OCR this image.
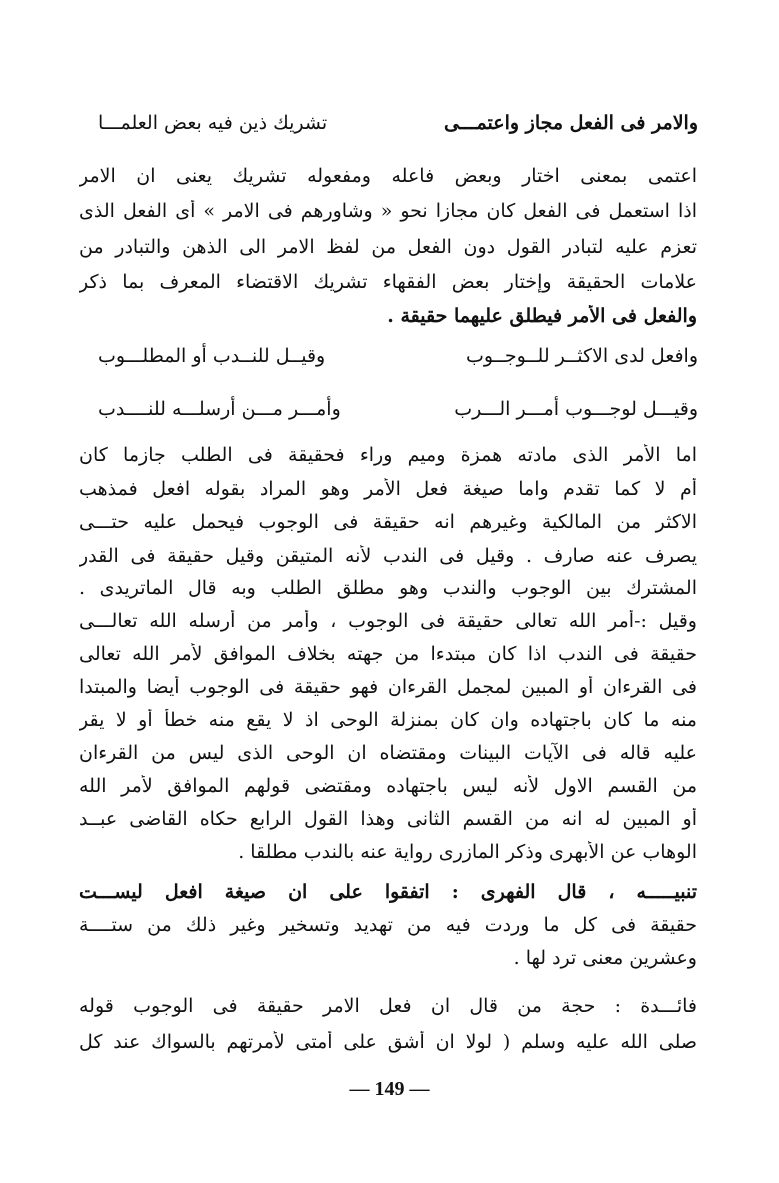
والامر فى الفعل مجاز واعتمـــى
تشريك ذين فيه بعض العلمـــا
اعتمى بمعنى اختار وبعض فاعله ومفعوله تشريك يعنى ان الامر
اذا استعمل فى الفعل كان مجازا نحو « وشاورهم فى الامر » أى الفعل الذى
تعزم عليه لتبادر القول دون الفعل من لفظ الامر الى الذهن والتبادر من
علامات الحقيقة وإختار بعض الفقهاء تشريك الاقتضاء المعرف بما ذكر
والفعل فى الأمر فيطلق عليهما حقيقة .
وافعل لدى الاكثــر للــوجــوب
وقيــل للنــدب أو المطلـــوب
وقيـــل لوجـــوب أمـــر الـــرب
وأمـــر مـــن أرسلـــه للنــــدب
اما الأمر الذى مادته همزة وميم وراء فحقيقة فى الطلب جازما كان
أم لا كما تقدم واما صيغة فعل الأمر وهو المراد بقوله افعل فمذهب
الاكثر من المالكية وغيرهم انه حقيقة فى الوجوب فيحمل عليه حتـــى
يصرف عنه صارف . وقيل فى الندب لأنه المتيقن وقيل حقيقة فى القدر
المشترك بين الوجوب والندب وهو مطلق الطلب وبه قال الماتريدى .
وقيل :-أمر الله تعالى حقيقة فى الوجوب ، وأمر من أرسله الله تعالـــى
حقيقة فى الندب اذا كان مبتدءا من جهته بخلاف الموافق لأمر الله تعالى
فى القرءان أو المبين لمجمل القرءان فهو حقيقة فى الوجوب أيضا والمبتدا
منه ما كان باجتهاده وان كان بمنزلة الوحى اذ لا يقع منه خطأ أو لا يقر
عليه قاله فى الآيات البينات ومقتضاه ان الوحى الذى ليس من القرءان
من القسم الاول لأنه ليس باجتهاده ومقتضى قولهم الموافق لأمر الله
أو المبين له انه من القسم الثانى وهذا القول الرابع حكاه القاضى عبــد
الوهاب عن الأبهرى وذكر المازرى رواية عنه بالندب مطلقا .
تنبيـــــه ، قال الفهرى : اتفقوا على ان صيغة افعل ليســـت
حقيقة فى كل ما وردت فيه من تهديد وتسخير وغير ذلك من ستــــة
وعشرين معنى ترد لها .
فائـــدة : حجة من قال ان فعل الامر حقيقة فى الوجوب قوله
صلى الله عليه وسلم ( لولا ان أشق على أمتى لأمرتهم بالسواك عند كل
— 149 —
